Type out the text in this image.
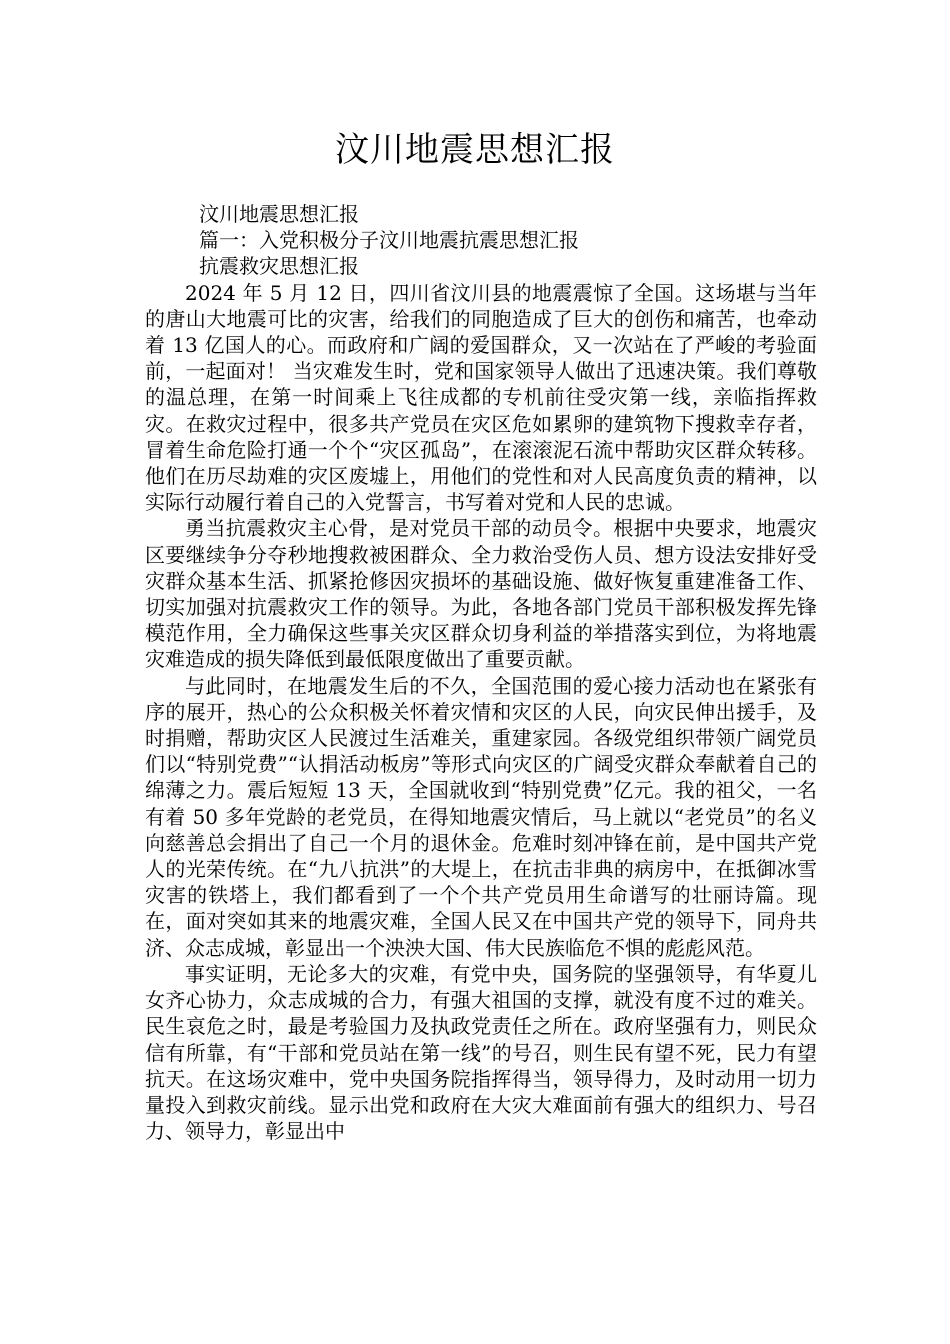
汶川地震思想汇报

汶川地震思想汇报

篇一：入党积极分子汶川地震抗震思想汇报

抗震救灾思想汇报

2024 年 5 月 12 日，四川省汶川县的地震震惊了全国。这场堪与当年的唐山大地震可比的灾害，给我们的同胞造成了巨大的创伤和痛苦，也牵动着 13 亿国人的心。而政府和广阔的爱国群众，又一次站在了严峻的考验面前，一起面对！ 当灾难发生时，党和国家领导人做出了迅速决策。我们尊敬的温总理，在第一时间乘上飞往成都的专机前往受灾第一线，亲临指挥救灾。在救灾过程中，很多共产党员在灾区危如累卵的建筑物下搜救幸存者，冒着生命危险打通一个个“灾区孤岛”，在滚滚泥石流中帮助灾区群众转移。他们在历尽劫难的灾区废墟上，用他们的党性和对人民高度负责的精神，以实际行动履行着自己的入党誓言，书写着对党和人民的忠诚。

勇当抗震救灾主心骨，是对党员干部的动员令。根据中央要求，地震灾区要继续争分夺秒地搜救被困群众、全力救治受伤人员、想方设法安排好受灾群众基本生活、抓紧抢修因灾损坏的基础设施、做好恢复重建准备工作、切实加强对抗震救灾工作的领导。为此，各地各部门党员干部积极发挥先锋模范作用，全力确保这些事关灾区群众切身利益的举措落实到位，为将地震灾难造成的损失降低到最低限度做出了重要贡献。

与此同时，在地震发生后的不久，全国范围的爱心接力活动也在紧张有序的展开，热心的公众积极关怀着灾情和灾区的人民，向灾民伸出援手，及时捐赠，帮助灾区人民渡过生活难关，重建家园。各级党组织带领广阔党员们以“特别党费”“认捐活动板房”等形式向灾区的广阔受灾群众奉献着自己的绵薄之力。震后短短 13 天，全国就收到“特别党费”亿元。我的祖父，一名有着 50 多年党龄的老党员，在得知地震灾情后，马上就以“老党员”的名义向慈善总会捐出了自己一个月的退休金。危难时刻冲锋在前，是中国共产党人的光荣传统。在“九八抗洪”的大堤上，在抗击非典的病房中，在抵御冰雪灾害的铁塔上，我们都看到了一个个共产党员用生命谱写的壮丽诗篇。现在，面对突如其来的地震灾难，全国人民又在中国共产党的领导下，同舟共济、众志成城，彰显出一个泱泱大国、伟大民族临危不惧的彪彪风范。

事实证明，无论多大的灾难，有党中央，国务院的坚强领导，有华夏儿女齐心协力，众志成城的合力，有强大祖国的支撑，就没有度不过的难关。民生哀危之时，最是考验国力及执政党责任之所在。政府坚强有力，则民众信有所靠，有“干部和党员站在第一线”的号召，则生民有望不死，民力有望抗天。在这场灾难中，党中央国务院指挥得当，领导得力，及时动用一切力量投入到救灾前线。显示出党和政府在大灾大难面前有强大的组织力、号召力、领导力，彰显出中
